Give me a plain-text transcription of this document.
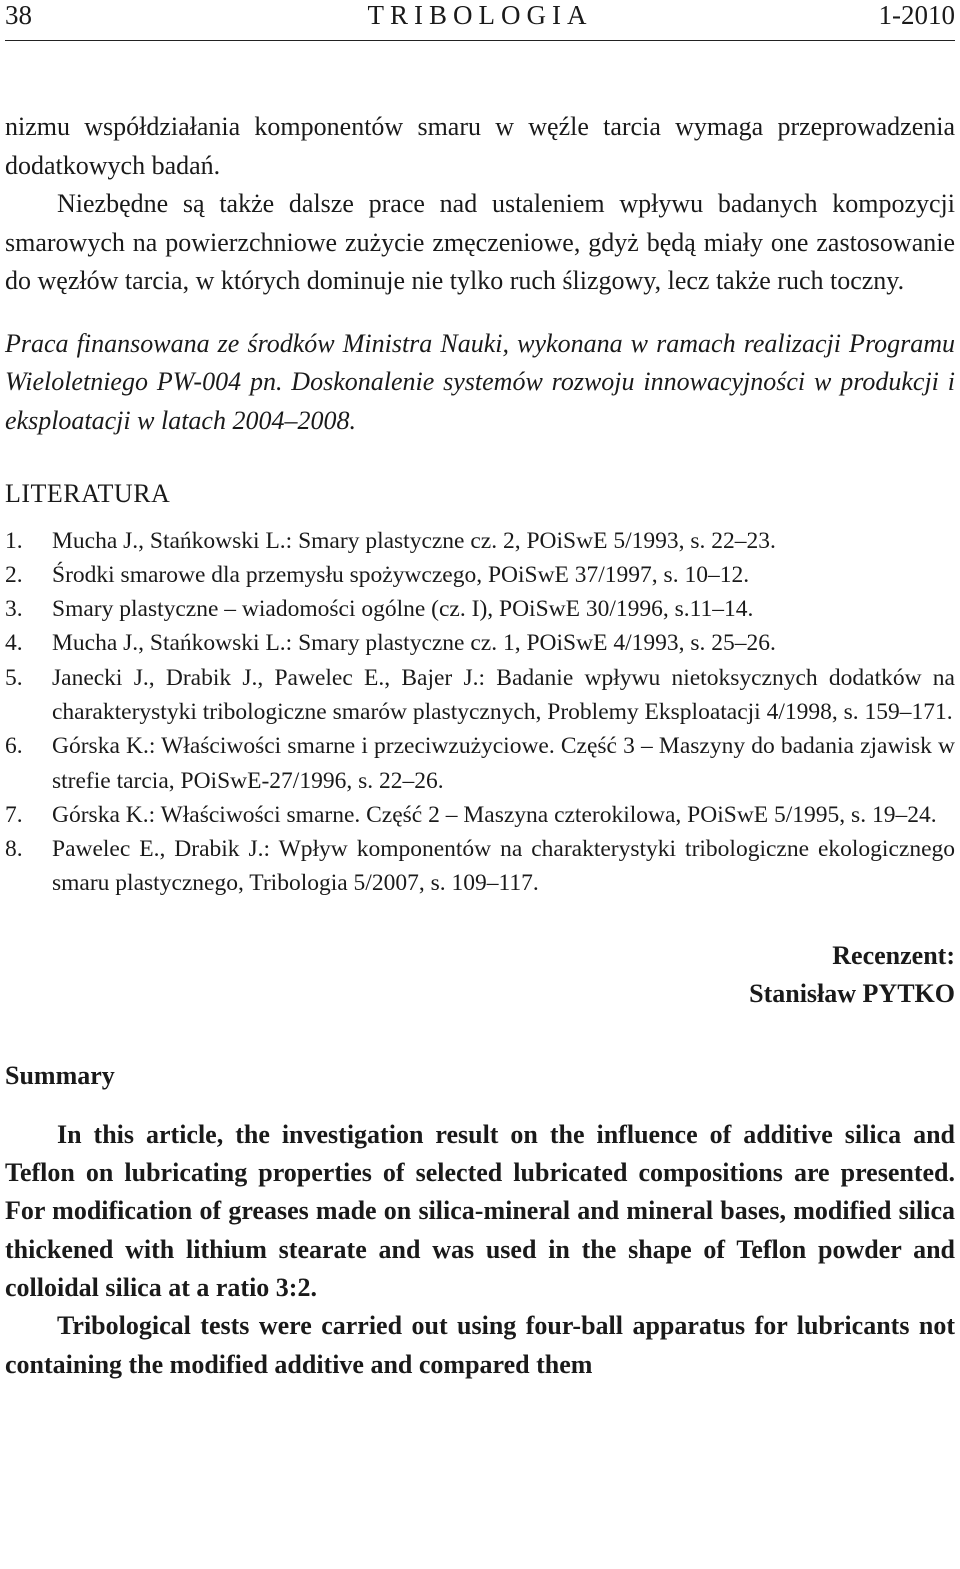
38	TRIBOLOGIA	1-2010

nizmu współdziałania komponentów smaru w węźle tarcia wymaga przeprowadzenia dodatkowych badań.

Niezbędne są także dalsze prace nad ustaleniem wpływu badanych kompozycji smarowych na powierzchniowe zużycie zmęczeniowe, gdyż będą miały one zastosowanie do węzłów tarcia, w których dominuje nie tylko ruch ślizgowy, lecz także ruch toczny.

Praca finansowana ze środków Ministra Nauki, wykonana w ramach realizacji Programu Wieloletniego PW-004 pn. Doskonalenie systemów rozwoju innowacyjności w produkcji i eksploatacji w latach 2004–2008.

LITERATURA
1. Mucha J., Stańkowski L.: Smary plastyczne cz. 2, POiSwE 5/1993, s. 22–23.
2. Środki smarowe dla przemysłu spożywczego, POiSwE 37/1997, s. 10–12.
3. Smary plastyczne – wiadomości ogólne (cz. I), POiSwE 30/1996, s.11–14.
4. Mucha J., Stańkowski L.: Smary plastyczne cz. 1, POiSwE 4/1993, s. 25–26.
5. Janecki J., Drabik J., Pawelec E., Bajer J.: Badanie wpływu nietoksycznych dodatków na charakterystyki tribologiczne smarów plastycznych, Problemy Eksploatacji 4/1998, s. 159–171.
6. Górska K.: Właściwości smarne i przeciwzużyciowe. Część 3 – Maszyny do badania zjawisk w strefie tarcia, POiSwE-27/1996, s. 22–26.
7. Górska K.: Właściwości smarne. Część 2 – Maszyna czterokilowa, POiSwE 5/1995, s. 19–24.
8. Pawelec E., Drabik J.: Wpływ komponentów na charakterystyki tribologiczne ekologicznego smaru plastycznego, Tribologia 5/2007, s. 109–117.
Recenzent:
Stanisław PYTKO
Summary

In this article, the investigation result on the influence of additive silica and Teflon on lubricating properties of selected lubricated compositions are presented. For modification of greases made on silica-mineral and mineral bases, modified silica thickened with lithium stearate and was used in the shape of Teflon powder and colloidal silica at a ratio 3:2.

Tribological tests were carried out using four-ball apparatus for lubricants not containing the modified additive and compared them
